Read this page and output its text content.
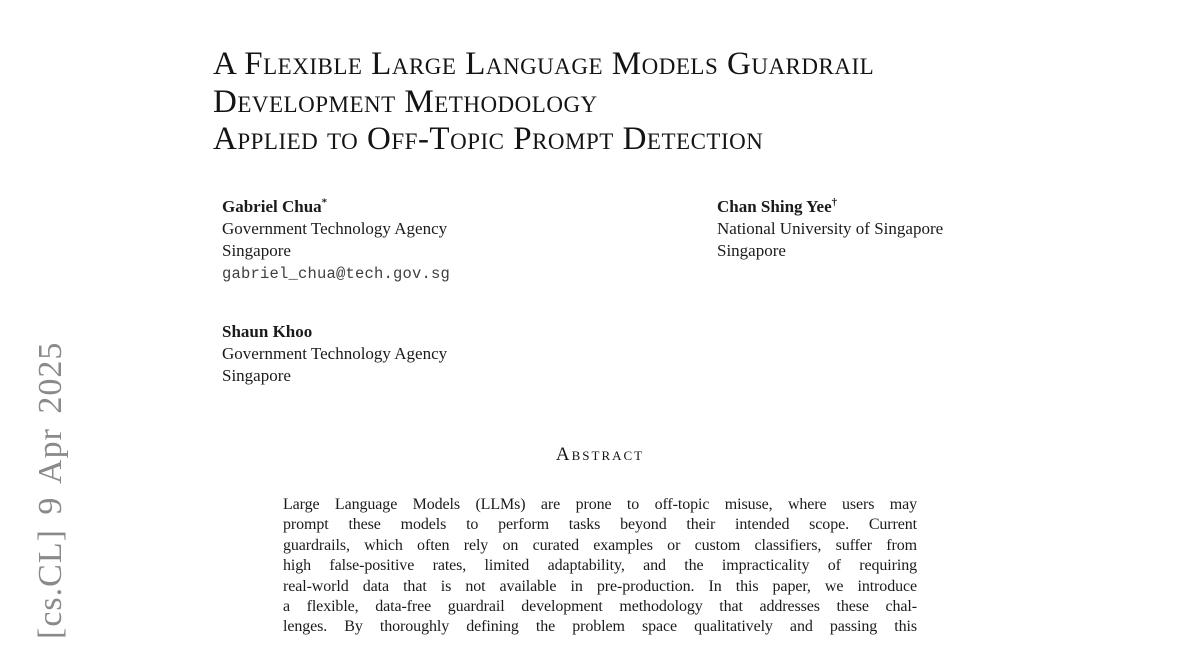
[cs.CL] 9 Apr 2025
A Flexible Large Language Models Guardrail
Development Methodology
Applied to Off-Topic Prompt Detection
Gabriel Chua*
Government Technology Agency
Singapore
gabriel_chua@tech.gov.sg
Chan Shing Yee†
National University of Singapore
Singapore
Shaun Khoo
Government Technology Agency
Singapore
Abstract
Large Language Models (LLMs) are prone to off-topic misuse, where users may
prompt these models to perform tasks beyond their intended scope. Current
guardrails, which often rely on curated examples or custom classifiers, suffer from
high false-positive rates, limited adaptability, and the impracticality of requiring
real-world data that is not available in pre-production. In this paper, we introduce
a flexible, data-free guardrail development methodology that addresses these chal-
lenges. By thoroughly defining the problem space qualitatively and passing this
